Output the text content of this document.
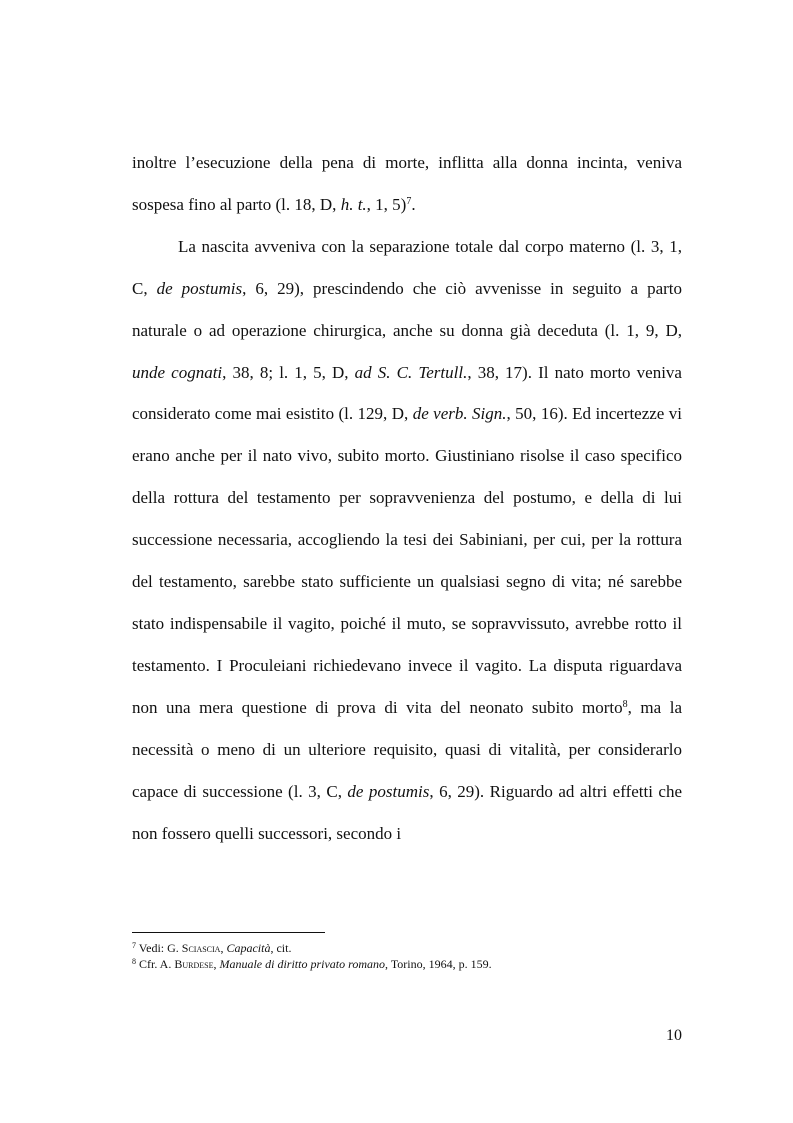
inoltre l’esecuzione della pena di morte, inflitta alla donna incinta, veniva sospesa fino al parto (l. 18, D, h. t., 1, 5)$^7$.

La nascita avveniva con la separazione totale dal corpo materno (l. 3, 1, C, de postumis, 6, 29), prescindendo che ciò avvenisse in seguito a parto naturale o ad operazione chirurgica, anche su donna già deceduta (l. 1, 9, D, unde cognati, 38, 8; l. 1, 5, D, ad S. C. Tertull., 38, 17). Il nato morto veniva considerato come mai esistito (l. 129, D, de verb. Sign., 50, 16). Ed incertezze vi erano anche per il nato vivo, subito morto. Giustiniano risolse il caso specifico della rottura del testamento per sopravvenienza del postumo, e della di lui successione necessaria, accogliendo la tesi dei Sabiniani, per cui, per la rottura del testamento, sarebbe stato sufficiente un qualsiasi segno di vita; né sarebbe stato indispensabile il vagito, poiché il muto, se sopravvissuto, avrebbe rotto il testamento. I Proculeiani richiedevano invece il vagito. La disputa riguardava non una mera questione di prova di vita del neonato subito morto$^8$, ma la necessità o meno di un ulteriore requisito, quasi di vitalità, per considerarlo capace di successione (l. 3, C, de postumis, 6, 29). Riguardo ad altri effetti che non fossero quelli successori, secondo i

$^7$ Vedi: G. Sciascia, Capacità, cit.
$^8$ Cfr. A. Burdese, Manuale di diritto privato romano, Torino, 1964, p. 159.
10
